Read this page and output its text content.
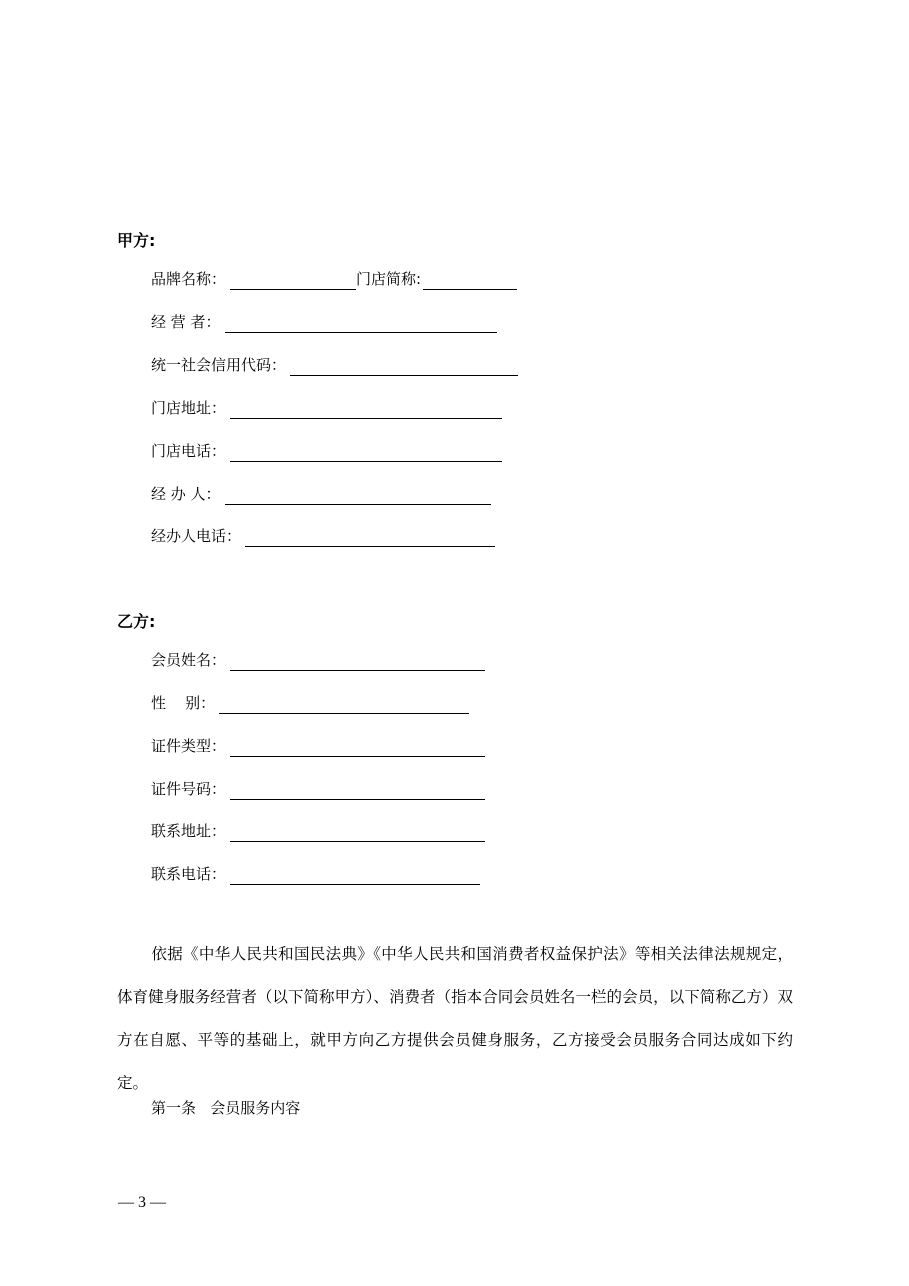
甲方:
品牌名称：	门店简称:
经 营 者：
统一社会信用代码：
门店地址：
门店电话：
经 办 人：
经办人电话：
乙方:
会员姓名：
性    别：
证件类型：
证件号码：
联系地址：
联系电话：
依据《中华人民共和国民法典》《中华人民共和国消费者权益保护法》等相关法律法规规定，体育健身服务经营者（以下简称甲方）、消费者（指本合同会员姓名一栏的会员，以下简称乙方）双方在自愿、平等的基础上，就甲方向乙方提供会员健身服务，乙方接受会员服务合同达成如下约定。
第一条   会员服务内容
— 3 —
